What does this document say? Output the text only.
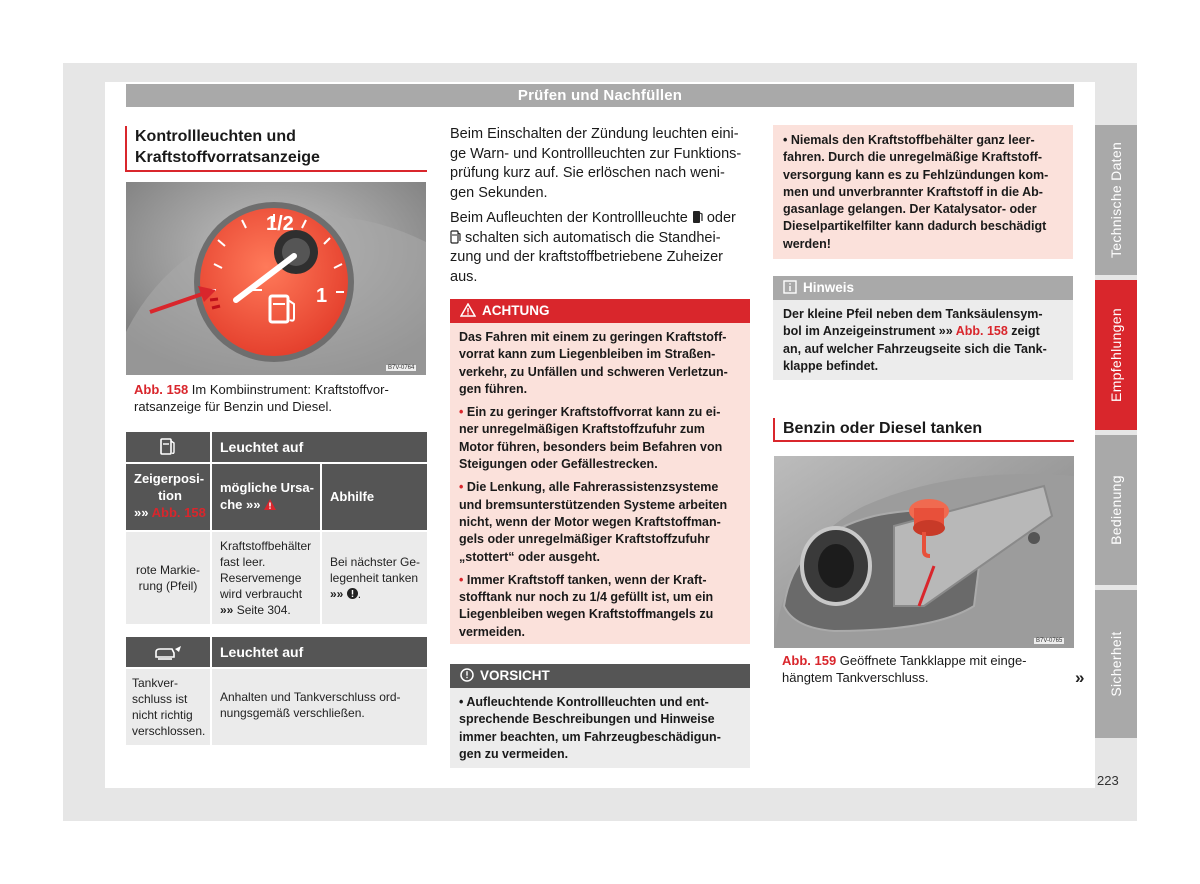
Prüfen und Nachfüllen
Kontrollleuchten und
Kraftstoffvorratsanzeige
1/2
1
B7V-0764
Abb. 158 Im Kombiinstrument: Kraftstoffvor-
ratsanzeige für Benzin und Diesel.
Leuchtet auf
Zeigerposi-
tion
»» Abb. 158
mögliche Ursa-
che »»
Abhilfe
rote Markie-
rung (Pfeil)
Kraftstoffbehälter
fast leer.
Reservemenge
wird verbraucht
»» Seite 304.
Bei nächster Ge-
legenheit tanken
»» .
Leuchtet auf
Tankver-
schluss ist
nicht richtig
verschlossen.
Anhalten und Tankverschluss ord-
nungsgemäß verschließen.
Beim Einschalten der Zündung leuchten eini-
ge Warn- und Kontrollleuchten zur Funktions-
prüfung kurz auf. Sie erlöschen nach weni-
gen Sekunden.
Beim Aufleuchten der Kontrollleuchte  oder
schalten sich automatisch die Standhei-
zung und der kraftstoffbetriebene Zuheizer
aus.
ACHTUNG
Das Fahren mit einem zu geringen Kraftstoff-
vorrat kann zum Liegenbleiben im Straßen-
verkehr, zu Unfällen und schweren Verletzun-
gen führen.
• Ein zu geringer Kraftstoffvorrat kann zu ei-
ner unregelmäßigen Kraftstoffzufuhr zum
Motor führen, besonders beim Befahren von
Steigungen oder Gefällestrecken.
• Die Lenkung, alle Fahrerassistenzsysteme
und bremsunterstützenden Systeme arbeiten
nicht, wenn der Motor wegen Kraftstoffman-
gels oder unregelmäßiger Kraftstoffzufuhr
„stottert“ oder ausgeht.
• Immer Kraftstoff tanken, wenn der Kraft-
stofftank nur noch zu 1/4 gefüllt ist, um ein
Liegenbleiben wegen Kraftstoffmangels zu
vermeiden.
VORSICHT
• Aufleuchtende Kontrollleuchten und ent-
sprechende Beschreibungen und Hinweise
immer beachten, um Fahrzeugbeschädigun-
gen zu vermeiden.
• Niemals den Kraftstoffbehälter ganz leer-
fahren. Durch die unregelmäßige Kraftstoff-
versorgung kann es zu Fehlzündungen kom-
men und unverbrannter Kraftstoff in die Ab-
gasanlage gelangen. Der Katalysator- oder
Dieselpartikelfilter kann dadurch beschädigt
werden!
Hinweis
Der kleine Pfeil neben dem Tanksäulensym-
bol im Anzeigeinstrument »» Abb. 158 zeigt
an, auf welcher Fahrzeugseite sich die Tank-
klappe befindet.
Benzin oder Diesel tanken
B7V-0765
Abb. 159 Geöffnete Tankklappe mit einge-
hängtem Tankverschluss.	»
Technische Daten
Empfehlungen
Bedienung
Sicherheit
223
